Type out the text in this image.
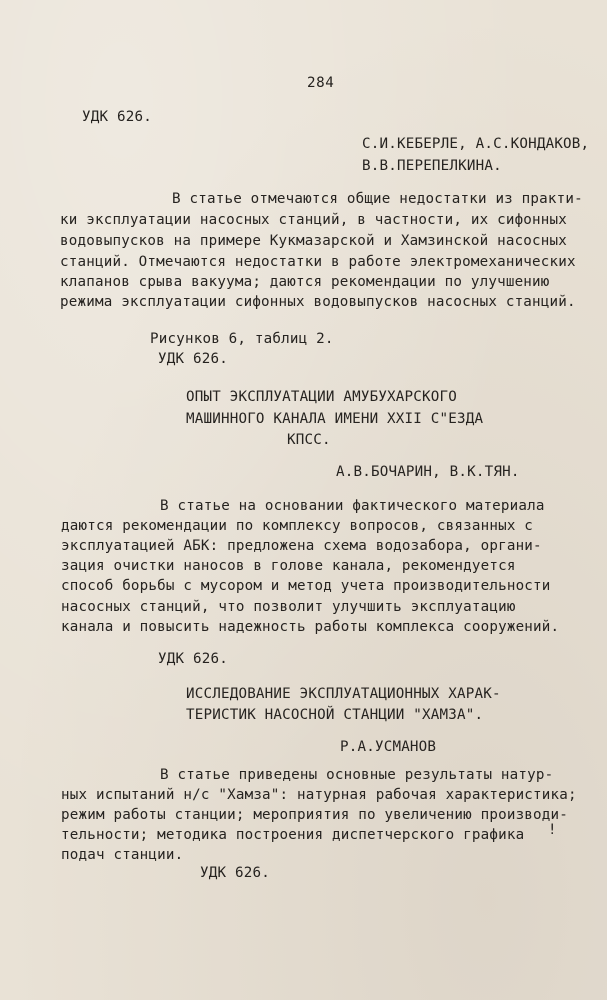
284
УДК 626.
С.И.КЕБЕРЛЕ, А.С.КОНДАКОВ,
В.В.ПЕРЕПЕЛКИНА.
В статье отмечаются общие недостатки из практи-
ки эксплуатации насосных станций, в частности, их сифонных
водовыпусков на примере Кукмазарской и Хамзинской насосных
станций. Отмечаются недостатки в работе электромеханических
клапанов срыва вакуума; даются рекомендации по улучшению
режима эксплуатации сифонных водовыпусков насосных станций.
Рисунков 6, таблиц 2.
УДК 626.
ОПЫТ ЭКСПЛУАТАЦИИ АМУБУХАРСКОГО
МАШИННОГО КАНАЛА ИМЕНИ XXII С"ЕЗДА
КПСС.
А.В.БОЧАРИН, В.К.ТЯН.
В статье на основании фактического материала
даются рекомендации по комплексу вопросов, связанных с
эксплуатацией АБК: предложена схема водозабора, органи-
зация очистки наносов в голове канала, рекомендуется
способ борьбы с мусором и метод учета производительности
насосных станций, что позволит улучшить эксплуатацию
канала и повысить надежность работы комплекса сооружений.
УДК 626.
ИССЛЕДОВАНИЕ ЭКСПЛУАТАЦИОННЫХ ХАРАК-
ТЕРИСТИК НАСОСНОЙ СТАНЦИИ "ХАМЗА".
Р.А.УСМАНОВ
В статье приведены основные результаты натур-
ных испытаний н/с "Хамза": натурная рабочая характеристика;
режим работы станции; мероприятия по увеличению производи-
тельности; методика построения диспетчерского графика
подач станции.
!
УДК 626.
